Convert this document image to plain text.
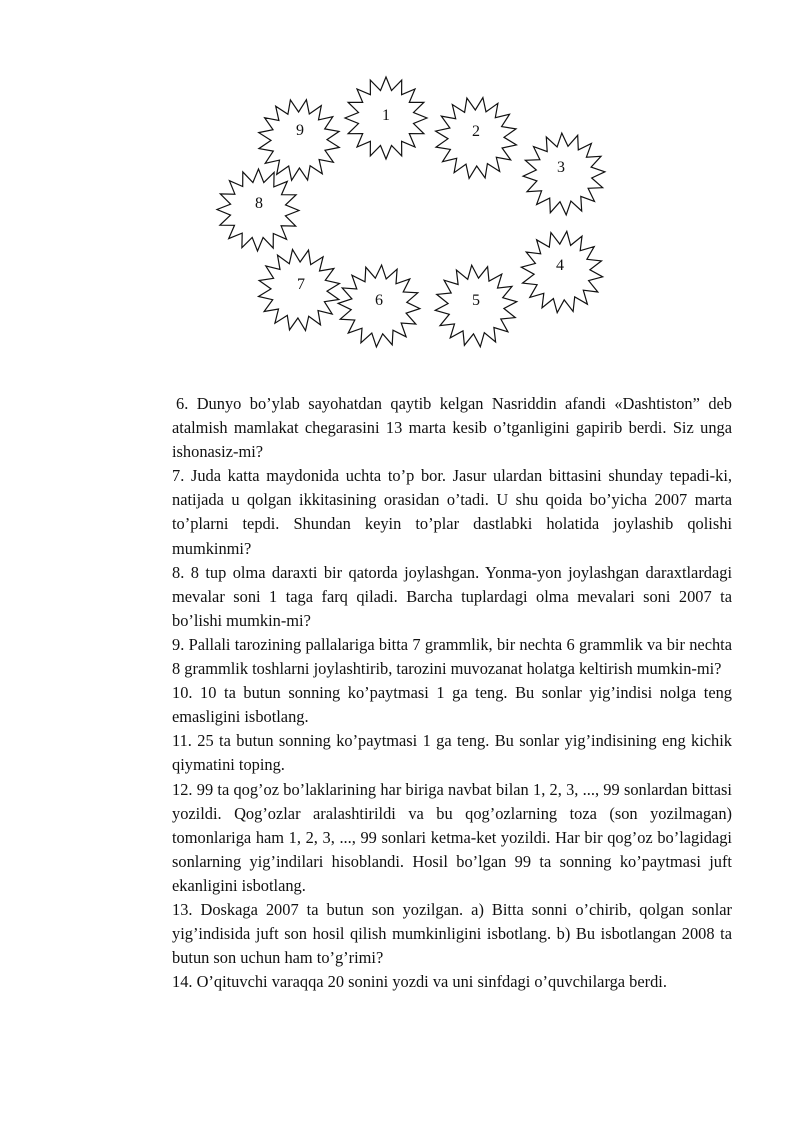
1
2
3
4
5
6
7
8
9

6. Dunyo bo’ylab sayohatdan qaytib kelgan Nasriddin afandi «Dashtiston” deb atalmish mamlakat chegarasini 13 marta kesib o’tganligini gapirib berdi. Siz unga ishonasiz-mi?

7. Juda katta maydonida uchta to’p bor. Jasur ulardan bittasini shunday tepadi-ki, natijada u qolgan ikkitasining orasidan o’tadi. U shu qoida bo’yicha 2007 marta to’plarni tepdi. Shundan keyin to’plar dastlabki holatida joylashib qolishi mumkinmi?

8. 8 tup olma daraxti bir qatorda joylashgan. Yonma-yon joylashgan daraxtlardagi mevalar soni 1 taga farq qiladi. Barcha tuplardagi olma mevalari soni 2007 ta bo’lishi mumkin-mi?

9. Pallali tarozining pallalariga bitta 7 grammlik, bir nechta 6 grammlik va bir nechta 8 grammlik toshlarni joylashtirib, tarozini muvozanat holatga keltirish mumkin-mi?

10. 10 ta butun sonning ko’paytmasi 1 ga teng. Bu sonlar yig’indisi nolga teng emasligini isbotlang.

11. 25 ta butun sonning ko’paytmasi 1 ga teng. Bu sonlar yig’indisining eng kichik qiymatini toping.

12. 99 ta qog’oz bo’laklarining har biriga navbat bilan 1, 2, 3, ..., 99 sonlardan bittasi yozildi. Qog’ozlar aralashtirildi va bu qog’ozlarning toza (son yozilmagan) tomonlariga ham 1, 2, 3, ..., 99 sonlari ketma-ket yozildi. Har bir qog’oz bo’lagidagi sonlarning yig’indilari hisoblandi. Hosil bo’lgan 99 ta sonning ko’paytmasi juft ekanligini isbotlang.

13. Doskaga 2007 ta butun son yozilgan. a) Bitta sonni o’chirib, qolgan sonlar yig’indisida juft son hosil qilish mumkinligini isbotlang. b) Bu isbotlangan 2008 ta butun son uchun ham to’g’rimi?

14. O’qituvchi varaqqa 20 sonini yozdi va uni sinfdagi o’quvchilarga berdi.
